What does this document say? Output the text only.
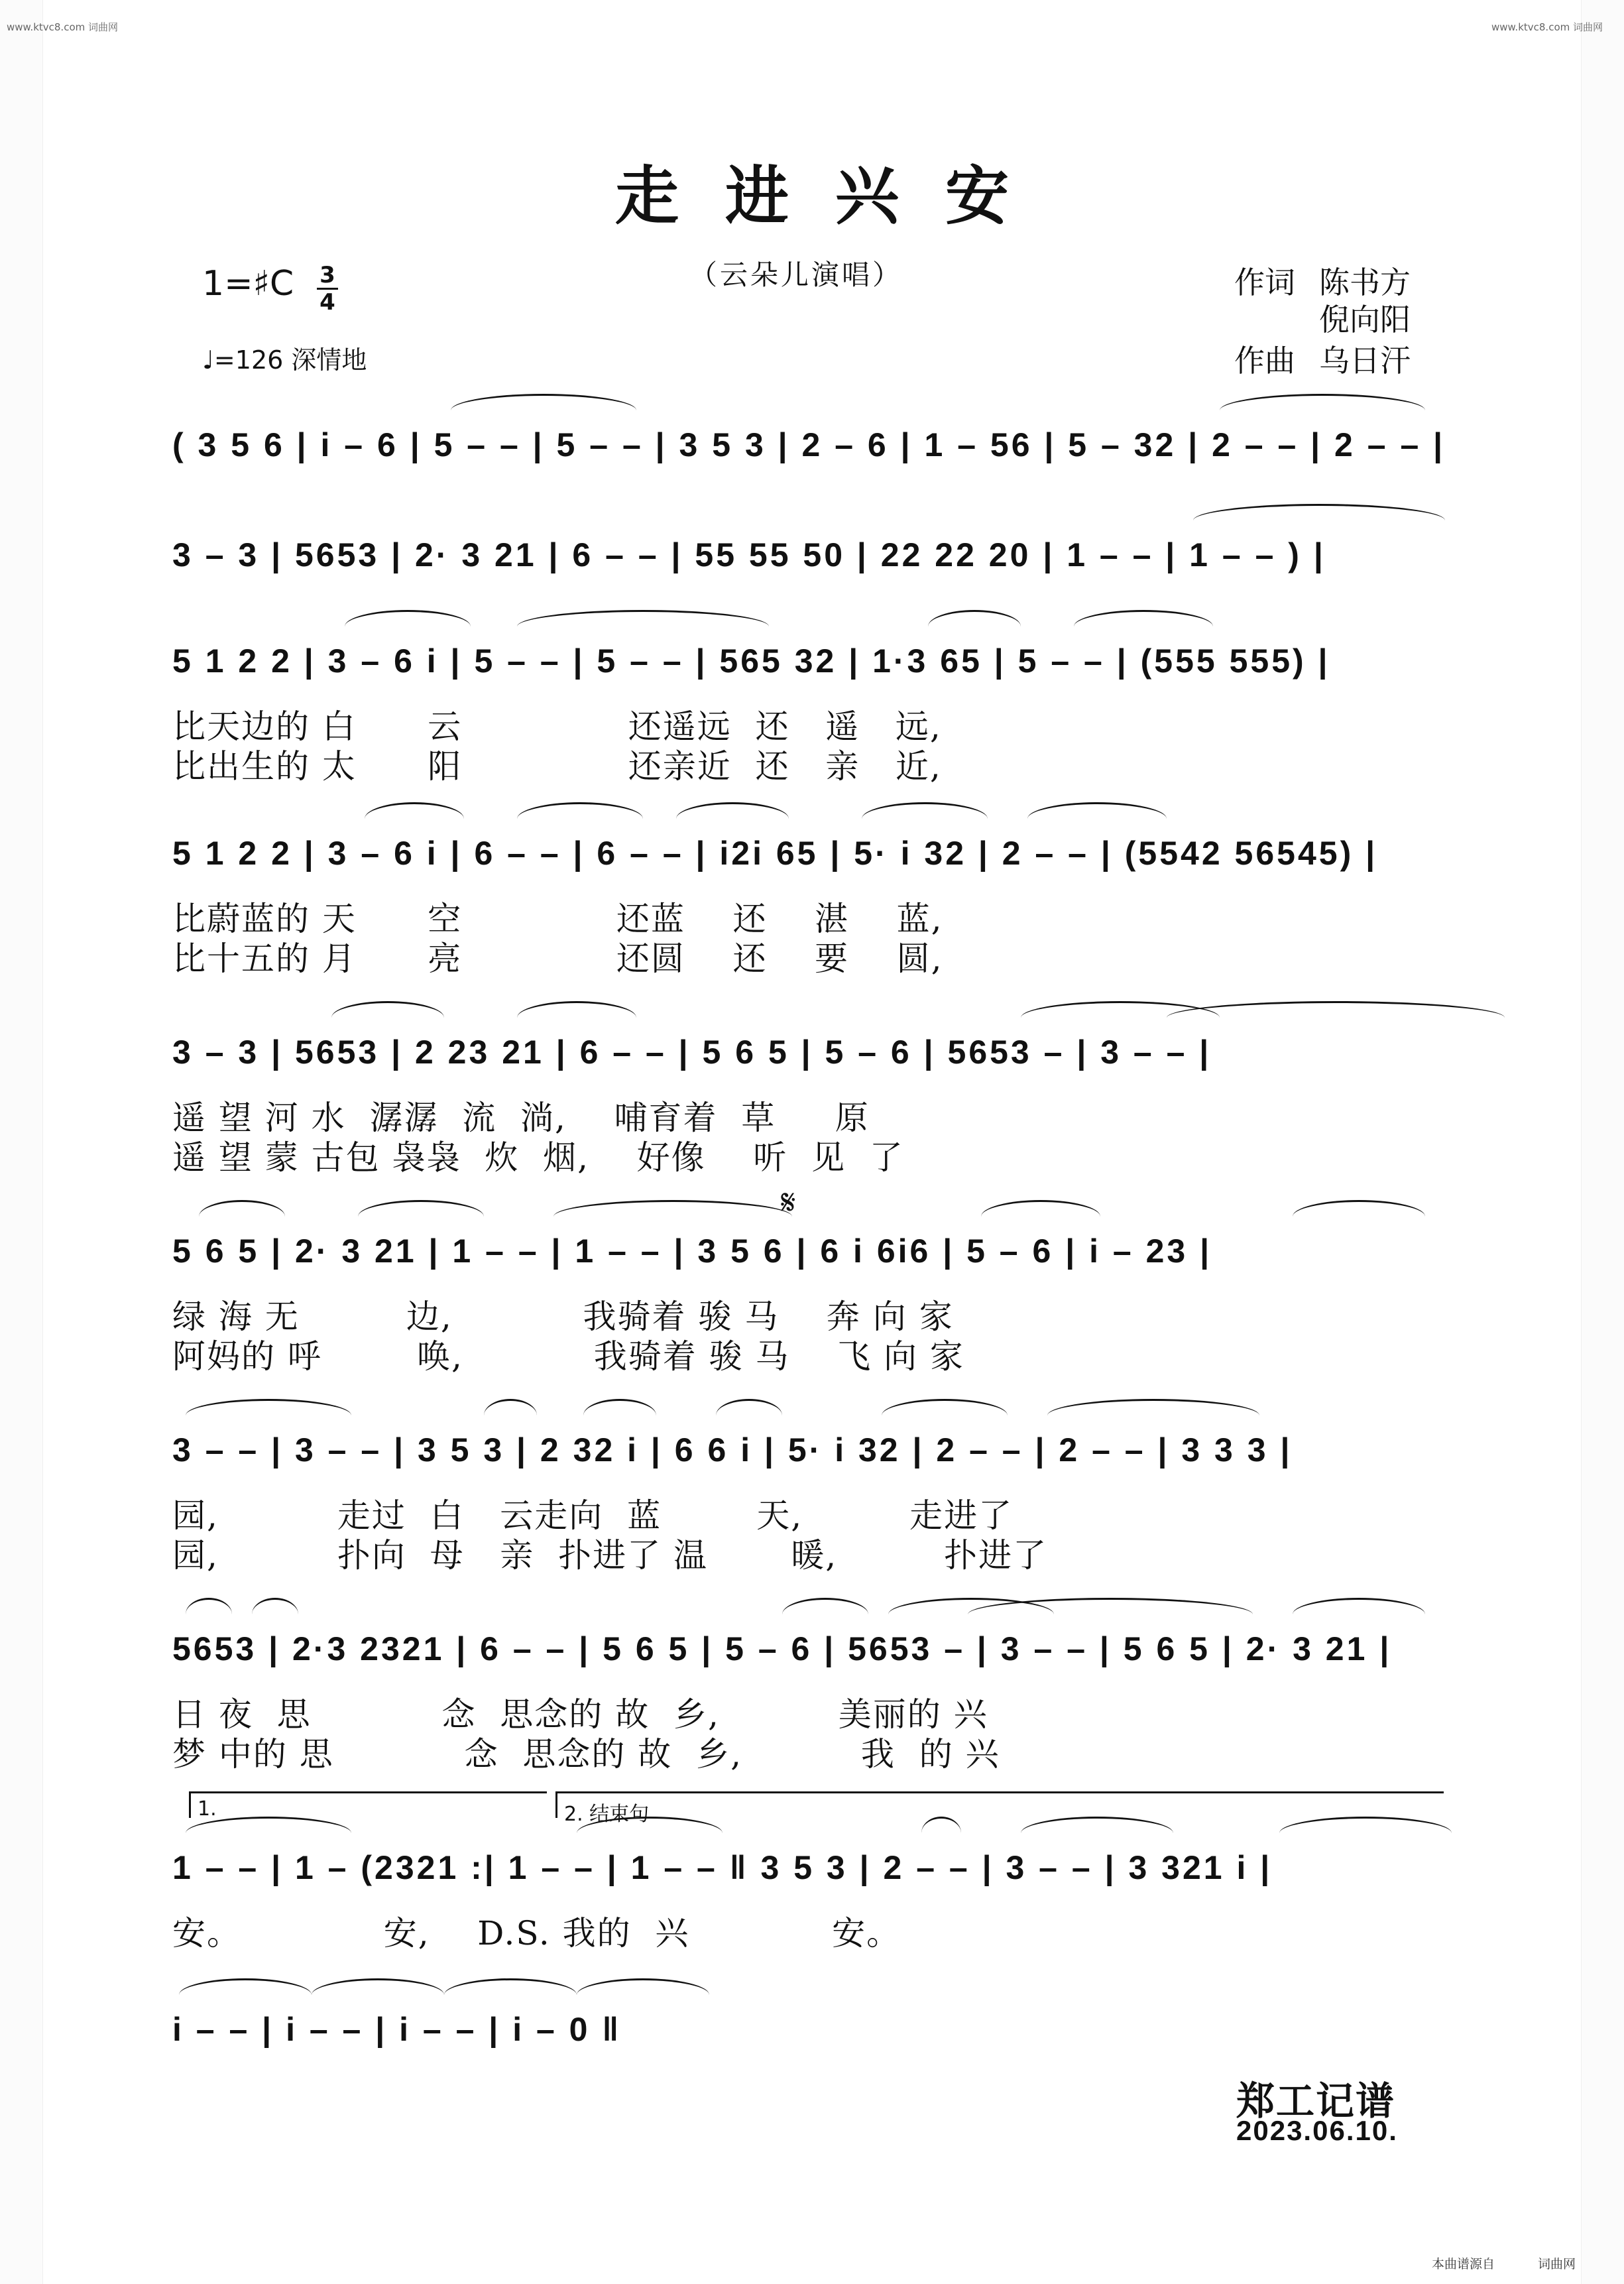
www.ktvc8.com 词曲网	www.ktvc8.com 词曲网
走进兴安
（云朵儿演唱）
1=♯C 3
4
♩=126 深情地
作词 陈书方
倪向阳
作曲 乌日汗
( 3 5 6 | i – 6 | 5 – – | 5 – – | 3 5 3 | 2 – 6 | 1 – 56 | 5 – 32 | 2 – – | 2 – – |
3 – 3 | 5653 | 2· 3 21 | 6 – – | 55 55 50 | 22 22 20 | 1 – – | 1 – – ) |
5 1 2 2 | 3 – 6 i | 5 – – | 5 – – | 565 32 | 1·3 65 | 5 – – | (555 555) |
比天边的 白      云              还遥远  还   遥   远,
比出生的 太      阳              还亲近  还   亲   近,
5 1 2 2 | 3 – 6 i | 6 – – | 6 – – | i2i 65 | 5· i 32 | 2 – – | (5542 56545) |
比蔚蓝的 天      空             还蓝    还    湛    蓝,
比十五的 月      亮             还圆    还    要    圆,
3 – 3 | 5653 | 2 23 21 | 6 – – | 5 6 5 | 5 – 6 | 5653 – | 3 – – |
遥 望 河 水  潺潺  流  淌,    哺育着  草     原
遥 望 蒙 古包 袅袅  炊  烟,    好像    听  见  了
𝄋
5 6 5 | 2· 3 21 | 1 – – | 1 – – | 3 5 6 | 6 i 6i6 | 5 – 6 | i – 23 |
绿 海 无         边,           我骑着 骏 马    奔 向 家
阿妈的 呼        唤,           我骑着 骏 马    飞 向 家
3 – – | 3 – – | 3 5 3 | 2 32 i | 6 6 i | 5· i 32 | 2 – – | 2 – – | 3 3 3 |
园,          走过  白   云走向  蓝        天,         走进了
园,          扑向  母   亲  扑进了 温       暖,         扑进了
5653 | 2·3 2321 | 6 – – | 5 6 5 | 5 – 6 | 5653 – | 3 – – | 5 6 5 | 2· 3 21 |
日 夜  思           念  思念的 故  乡,          美丽的 兴
梦 中的 思           念  思念的 故  乡,          我  的 兴
1.	2. 结束句
1 – – | 1 – (2321 :| 1 – – | 1 – – ‖ 3 5 3 | 2 – – | 3 – – | 3 321 i |
安。            安,    D.S. 我的  兴            安。
i – – | i – – | i – – | i – 0 ‖
郑工记谱
2023.06.10.
本曲谱源自	词曲网
